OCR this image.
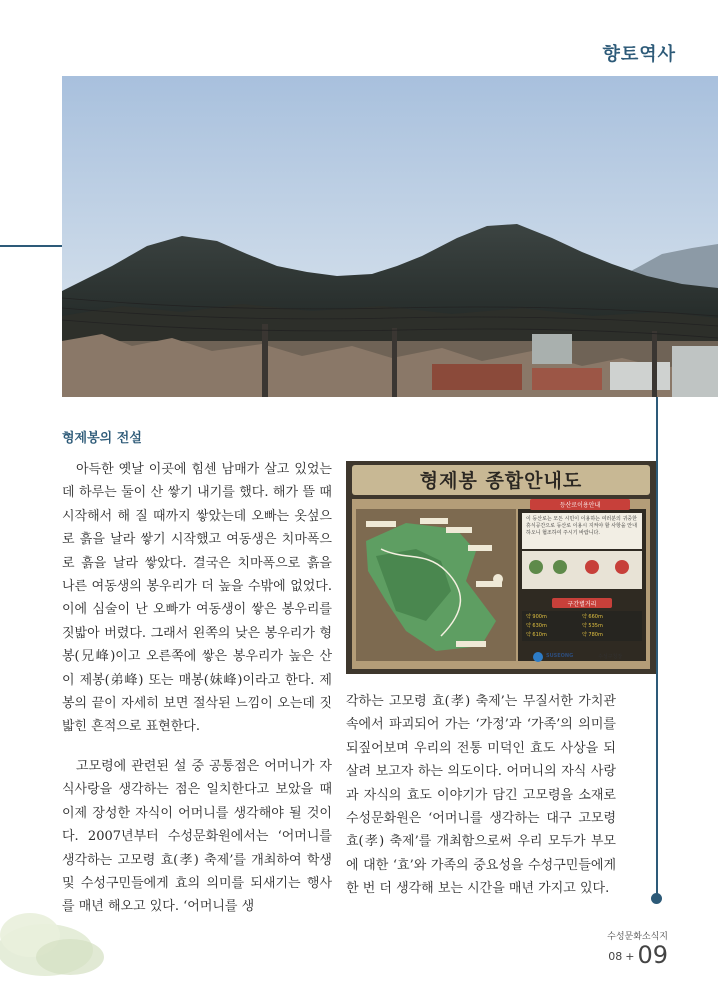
향토역사
형제봉의 전설

아득한 옛날 이곳에 힘센 남매가 살고 있었는데 하루는 둘이 산 쌓기 내기를 했다. 해가 뜰 때 시작해서 해 질 때까지 쌓았는데 오빠는 옷섶으로 흙을 날라 쌓기 시작했고 여동생은 치마폭으로 흙을 날라 쌓았다. 결국은 치마폭으로 흙을 나른 여동생의 봉우리가 더 높을 수밖에 없었다. 이에 심술이 난 오빠가 여동생이 쌓은 봉우리를 짓밟아 버렸다. 그래서 왼쪽의 낮은 봉우리가 형봉(兄峰)이고 오른쪽에 쌓은 봉우리가 높은 산이 제봉(弟峰) 또는 매봉(妹峰)이라고 한다. 제봉의 끝이 자세히 보면 절삭된 느낌이 오는데 짓밟힌 흔적으로 표현한다.

고모령에 관련된 설 중 공통점은 어머니가 자식사랑을 생각하는 점은 일치한다고 보았을 때 이제 장성한 자식이 어머니를 생각해야 될 것이다. 2007년부터 수성문화원에서는 ‘어머니를 생각하는 고모령 효(孝) 축제’를 개최하여 학생 및 수성구민들에게 효의 의미를 되새기는 행사를 매년 해오고 있다. ‘어머니를 생

형제봉 종합안내도
등산로이용안내
이 등산로는 모든 시민이 이용하는 여러분의 귀중한 휴식공간으로 등산로 이용시 지켜야 할 사항을 안내하오니 협조하여 주시기 바랍니다.
구간별거리
약 900m	약 660m
약 630m	약 535m
약 610m	약 780m
SUSEONG	수성구청장

각하는 고모령 효(孝) 축제’는 무질서한 가치관 속에서 파괴되어 가는 ‘가정’과 ‘가족’의 의미를 되짚어보며 우리의 전통 미덕인 효도 사상을 되살려 보고자 하는 의도이다. 어머니의 자식 사랑과 자식의 효도 이야기가 담긴 고모령을 소재로 수성문화원은 ‘어머니를 생각하는 대구 고모령 효(孝) 축제’를 개최함으로써 우리 모두가 부모에 대한 ‘효’와 가족의 중요성을 수성구민들에게 한 번 더 생각해 보는 시간을 매년 가지고 있다.

수성문화소식지
08 + 09
